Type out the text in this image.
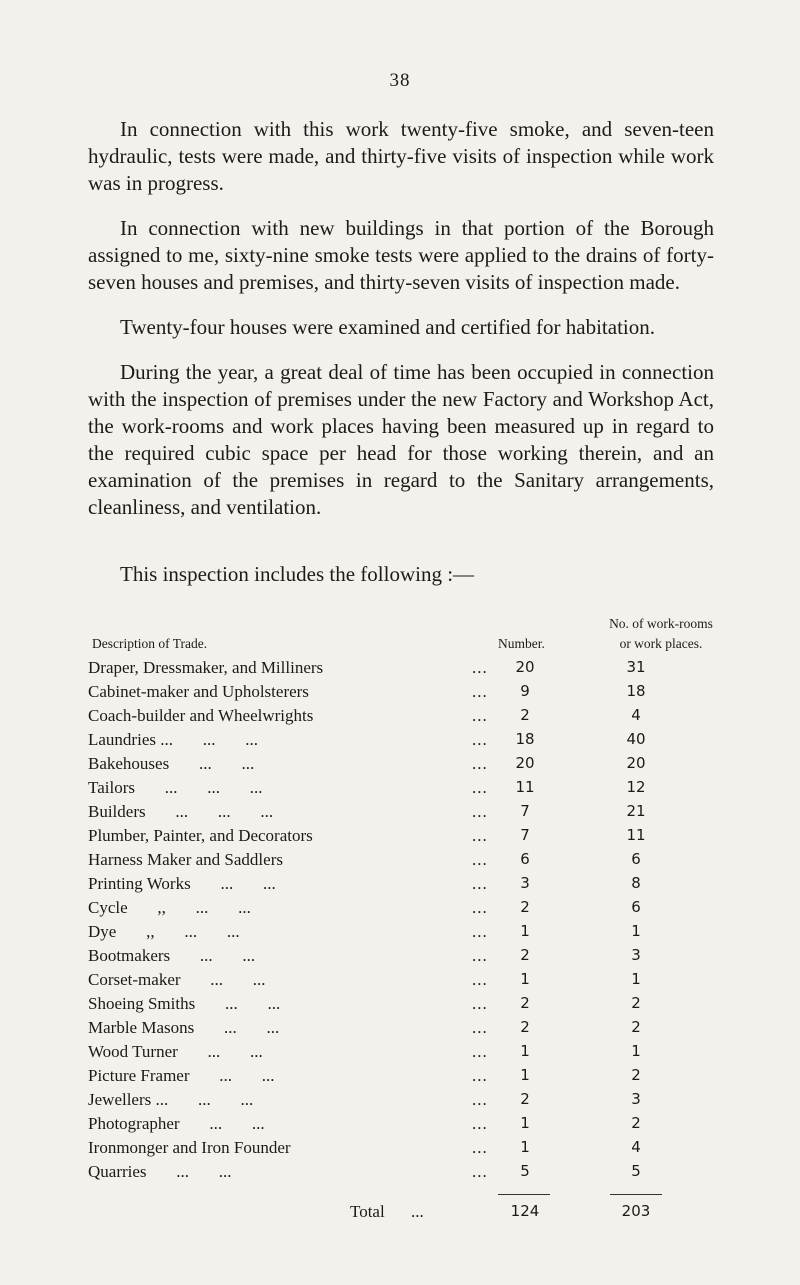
38

In connection with this work twenty-five smoke, and seven-teen hydraulic, tests were made, and thirty-five visits of inspection while work was in progress.

In connection with new buildings in that portion of the Borough assigned to me, sixty-nine smoke tests were applied to the drains of forty-seven houses and premises, and thirty-seven visits of inspection made.

Twenty-four houses were examined and certified for habitation.

During the year, a great deal of time has been occupied in connection with the inspection of premises under the new Factory and Workshop Act, the work-rooms and work places having been measured up in regard to the required cubic space per head for those working therein, and an examination of the premises in regard to the Sanitary arrangements, cleanliness, and ventilation.

This inspection includes the following :—
Description of Trade.	Number.
No. of work-rooms
or work places.
Draper, Dressmaker, and Milliners	...	20	31
Cabinet-maker and Upholsterers	...	9	18
Coach-builder and Wheelwrights	...	2	4
Laundries ...       ...       ...	...	18	40
Bakehouses       ...       ...	...	20	20
Tailors       ...       ...       ...	...	11	12
Builders       ...       ...       ...	...	7	21
Plumber, Painter, and Decorators	...	7	11
Harness Maker and Saddlers	...	6	6
Printing Works       ...       ...	...	3	8
Cycle       ,,       ...       ...	...	2	6
Dye       ,,       ...       ...	...	1	1
Bootmakers       ...       ...	...	2	3
Corset-maker       ...       ...	...	1	1
Shoeing Smiths       ...       ...	...	2	2
Marble Masons       ...       ...	...	2	2
Wood Turner       ...       ...	...	1	1
Picture Framer       ...       ...	...	1	2
Jewellers ...       ...       ...	...	2	3
Photographer       ...       ...	...	1	2
Ironmonger and Iron Founder	...	1	4
Quarries       ...       ...	...	5	5
Total ...	124	203
